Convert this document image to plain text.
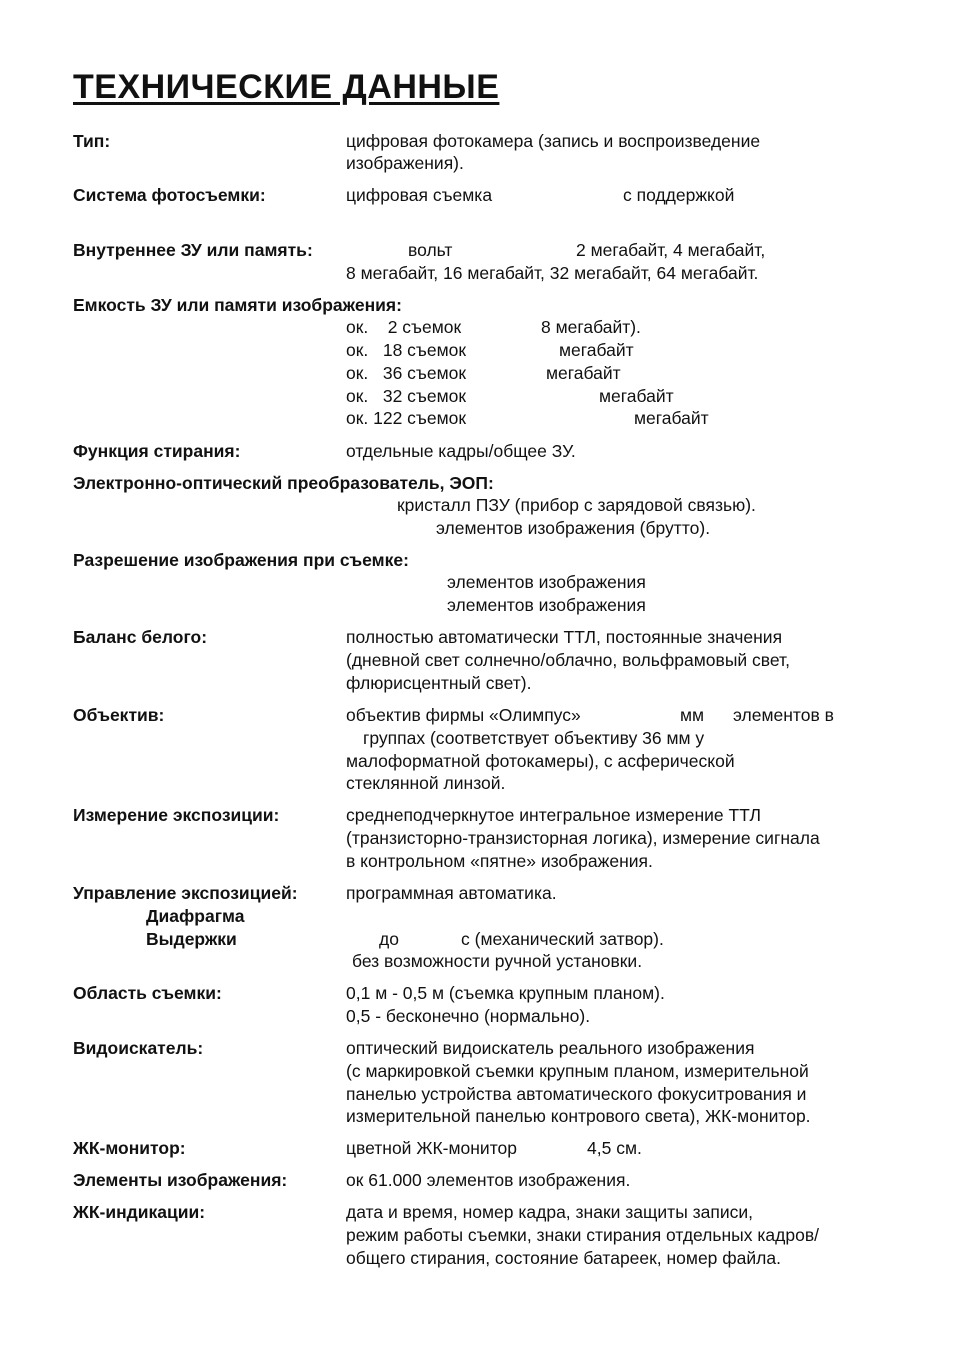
ТЕХНИЧЕСКИЕ ДАННЫЕ
Тип:	цифровая фотокамера (запись и воспроизведение
изображения).
Система фотосъемки:	цифровая съемка	с поддержкой
Внутреннее ЗУ или память:	вольт	2 мегабайт, 4 мегабайт,
8 мегабайт, 16 мегабайт, 32 мегабайт, 64 мегабайт.
Емкость ЗУ или памяти изображения:
ок.    2 съемок	8 мегабайт).
ок.   18 съемок	мегабайт
ок.   36 съемок	мегабайт
ок.   32 съемок	мегабайт
ок. 122 съемок	мегабайт
Функция стирания:	отдельные кадры/общее ЗУ.
Электронно-оптический преобразователь, ЭОП:
кристалл ПЗУ (прибор с зарядовой связью).
элементов изображения (брутто).
Разрешение изображения при съемке:
элементов изображения
элементов изображения
Баланс белого:	полностью автоматически ТТЛ, постоянные значения
(дневной свет солнечно/облачно, вольфрамовый свет,
флюрисцентный свет).
Объектив:	объектив фирмы «Олимпус»	мм элементов в
группах (соответствует объективу 36 мм у
малоформатной фотокамеры), с асферической
стеклянной линзой.
Измерение экспозиции:	среднеподчеркнутое интегральное измерение ТТЛ
(транзисторно-транзисторная логика), измерение сигнала
в контрольном «пятне» изображения.
Управление экспозицией:	программная автоматика.
Диафрагма
Выдержки	до	с (механический затвор).
без возможности ручной установки.
Область съемки:	0,1 м - 0,5 м (съемка крупным планом).
0,5 - бесконечно (нормально).
Видоискатель:	оптический видоискатель реального изображения
(с маркировкой съемки крупным планом, измерительной
панелью устройства автоматического фокуситрования и
измерительной панелью контрового света), ЖК-монитор.
ЖК-монитор:	цветной ЖК-монитор	4,5 см.
Элементы изображения:	ок 61.000 элементов изображения.
ЖК-индикации:	дата и время, номер кадра, знаки защиты записи,
режим работы съемки, знаки стирания отдельных кадров/
общего стирания, состояние батареек, номер файла.
